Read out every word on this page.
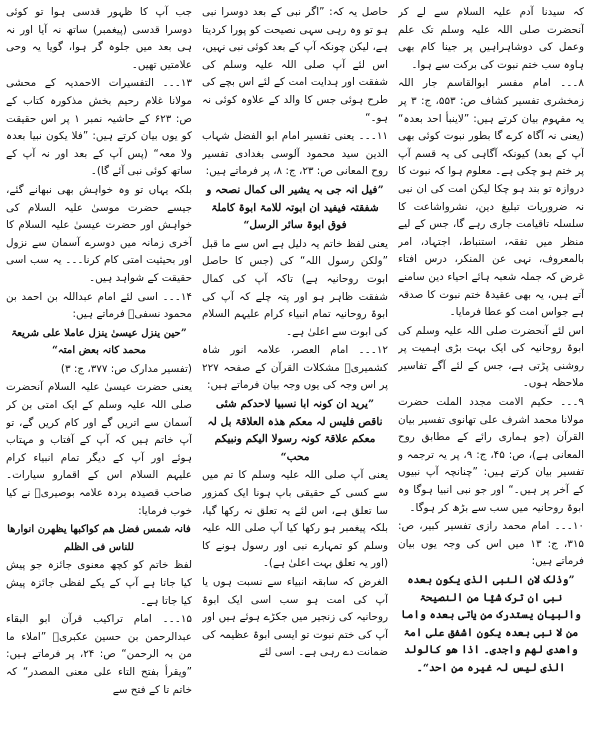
کہ سیدنا آدم علیہ السلام سے لے کر آنحضرت صلی اللہ علیہ وسلم تک علم وعمل کی دوشاہراہیں پر جینا کام بھی ہاوہ سب ختم نبوت کی برکت سے ہوا۔

۸۔۔۔ امام مفسر ابوالقاسم جار اللہ زمخشری تفسیر کشاف ص: ۵۵۳، ج: ۳ پر یہ مفہوم بیان کرتے ہیں: ”لاینبأ احد بعدہ“ (یعنی نہ آگاہ کرے گا بطور نبوت کوئی بھی آپ کے بعد) کیونکہ آگاہی کی یہ قسم آپ پر ختم ہو چکی ہے۔ معلوم ہوا کہ نبوت کا دروازہ تو بند ہو چکا لیکن امت کی ان نبی نہ ضروریات تبلیغ دین، نشرواشاعت کا سلسلہ تاقیامت جاری رہے گا، جس کے لیے منظر میں تفقہ، استنباط، اجتہاد، امر بالمعروف، نہی عن المنکر، درس افتاء غرض کہ جملہ شعبہ ہائے احیاء دین سامنے آتے ہیں، یہ بھی عقیدۂ ختم نبوت کا صدقہ ہے جواس امت کو عطا فرمایا۔

اس لئے آنحضرت صلی اللہ علیہ وسلم کی ابوۃ روحانیہ کی ایک بہت بڑی اہمیت پر روشنی پڑتی ہے، جس کے لئے آگے تفاسیر ملاحظہ ہوں۔

۹۔۔۔ حکیم الامت مجدد الملت حضرت مولانا محمد اشرف علی تھانوی تفسیر بیان القرآن (جو ہماری رائے کے مطابق روح المعانی ہے)، ص: ۴۵، ج: ۹، پر یہ ترجمہ و تفسیر بیان کرتے ہیں: ”چنانچہ آپ نبیوں کے آخر پر ہیں۔“ اور جو نبی انبیا ہوگا وہ ابوۃ روحانیہ میں سب سے بڑھ کر ہوگا۔

۱۰۔۔۔ امام محمد رازی تفسیر کبیر، ص: ۳۱۵، ج: ۱۳ میں اس کی وجہ یوں بیان فرماتے ہیں:

”وذلک لان النبی الذی یکون بعدہ نبی ان ترک شیٔا من النصیحۃ والبیان یستدرک من یاتی بعدہ واما من لا نبی بعدہ یکون اشفق علی امۃ واھدی لھم واجدی۔ اذا ھو کالولد الذی لیس لہ غیرہ من احد“۔

حاصل یہ کہ: ”اگر نبی کے بعد دوسرا نبی ہو تو وہ رہی سہی نصیحت کو پورا کردیتا ہے، لیکن چونکہ آپ کے بعد کوئی نبی نہیں، اس لئے آپ صلی اللہ علیہ وسلم کی شفقت اور ہدایت امت کے لئے اس بچے کی طرح ہوئی جس کا والد کے علاوہ کوئی نہ ہو۔“

۱۱۔۔۔ یعنی تفسیر امام ابو الفضل شہاب الدین سید محمود آلوسی بغدادی تفسیر روح المعانی ص: ۲۳، ج: ۸، پر فرماتے ہیں:

”فیل انہ جی بہ یشیر الی کمال نصحہ و شفقتہ فیفید ان ابوتہ للامۃ ابوۃ کاملۃ فوق ابوۃ سائر الرسل“

یعنی لفظ خاتم یہ دلیل ہے اس سے ما قبل ”ولکن رسول اللہ“ کی (جس کا حاصل ابوت روحانیہ ہے) تاکہ آپ کی کمال شفقت ظاہر ہو اور پتہ چلے کہ آپ کی ابوۃ روحانیہ تمام انبیاء کرام علیہم السلام کی ابوت سے اعلیٰ ہے۔

۱۲۔۔۔ امام العصر، علامہ انور شاہ کشمیریؒ مشکلات القرآن کے صفحہ ۲۲۷ پر اس وجہ کی یوں وجہ بیان فرماتے ہیں:

”یرید ان کونہ ابا نسبیا لاحدکم شئی ناقص فلیس لہ معکم ھذہ العلاقۃ بل لہ معکم علاقۃ کونہ رسولا الیکم ونبیکم محب“

یعنی آپ صلی اللہ علیہ وسلم کا تم میں سے کسی کے حقیقی باپ ہونا ایک کمزور سا تعلق ہے، اس لئے یہ تعلق نہ رکھا گیا، بلکہ پیغمبر ہو رکھا کیا آپ صلی اللہ علیہ وسلم کو تمہارے نبی اور رسول ہونے کا (اور یہ تعلق بہت اعلیٰ ہے)۔

الغرض کہ سابقہ انبیاء سے نسبت ہوں یا آپ کی امت ہو سب اسی ایک ابوۃ روحانیہ کی زنجیر میں جکڑے ہوئے ہیں اور آپ کی ختم نبوت تو ایسی ابوۃ عظیمہ کی ضمانت دے رہی ہے۔ اسی لئے

جب آپ کا ظہور قدسی ہوا تو کوئی دوسرا قدسی (پیغمبر) ساتھ نہ آیا اور نہ ہی بعد میں جلوہ گر ہوا، گویا یہ وحی علامتیں تھیں۔

۱۳۔۔۔ التفسیرات الاحمدیہ کے محشی مولانا غلام رحیم بخش مذکورہ کتاب کے ص: ۶۲۳ کے حاشیہ نمبر ۱ پر اس حقیقت کو یوں بیان کرتے ہیں: ”فلا یکون نبیا بعدہ ولا معہ“ (پس آپ کے بعد اور نہ آپ کے ساتھ کوئی نبی آئے گا)۔

بلکہ یہاں تو وہ خواہش بھی نبھانے گئے، جیسے حضرت موسیٰ علیہ السلام کی خواہش اور حضرت عیسیٰ علیہ السلام کا آخری زمانہ میں دوسرے آسمان سے نزول اور بحیثیت امتی کام کرنا۔۔۔ یہ سب اسی حقیقت کے شواہد ہیں۔

۱۴۔۔۔ اسی لئے امام عبداللہ بن احمد بن محمود نسفیؒ فرماتے ہیں:

”حین ینزل عیسیٰ ینزل عاملا علی شریعۃ محمد کانہ بعض امتہ“

(تفسیر مدارک ص: ۳۷۷، ج: ۳)

یعنی حضرت عیسیٰ علیہ السلام آنحضرت صلی اللہ علیہ وسلم کے ایک امتی بن کر آسمان سے اتریں گے اور کام کریں گے، تو آپ خاتم ہیں کہ آپ کے آفتاب و مہتاب ہوئے اور آپ کے دیگر تمام انبیاء کرام علیہم السلام اس کے اقمارو سیارات۔ صاحب قصیدہ بردہ علامہ بوصیریؒ نے کیا خوب فرمایا:

فانہ شمس فضل ھم کواکبھا یظھرن انوارھا للناس فی الظلم

لفظ خاتم کو کچھ معنوی جائزہ جو پیش کیا جاتا ہے آپ کے یکے لفظی جائزہ پیش کیا جاتا ہے۔

۱۵۔۔۔ امام تراکیب قرآن ابو البقاء عبدالرحمن بن حسین عکبریؒ ”املاء ما من بہ الرحمن“ ص: ۲۴، پر فرماتے ہیں: ”ویقرأ بفتح التاء علی معنی المصدر“ کہ خاتم تا کے فتح سے
